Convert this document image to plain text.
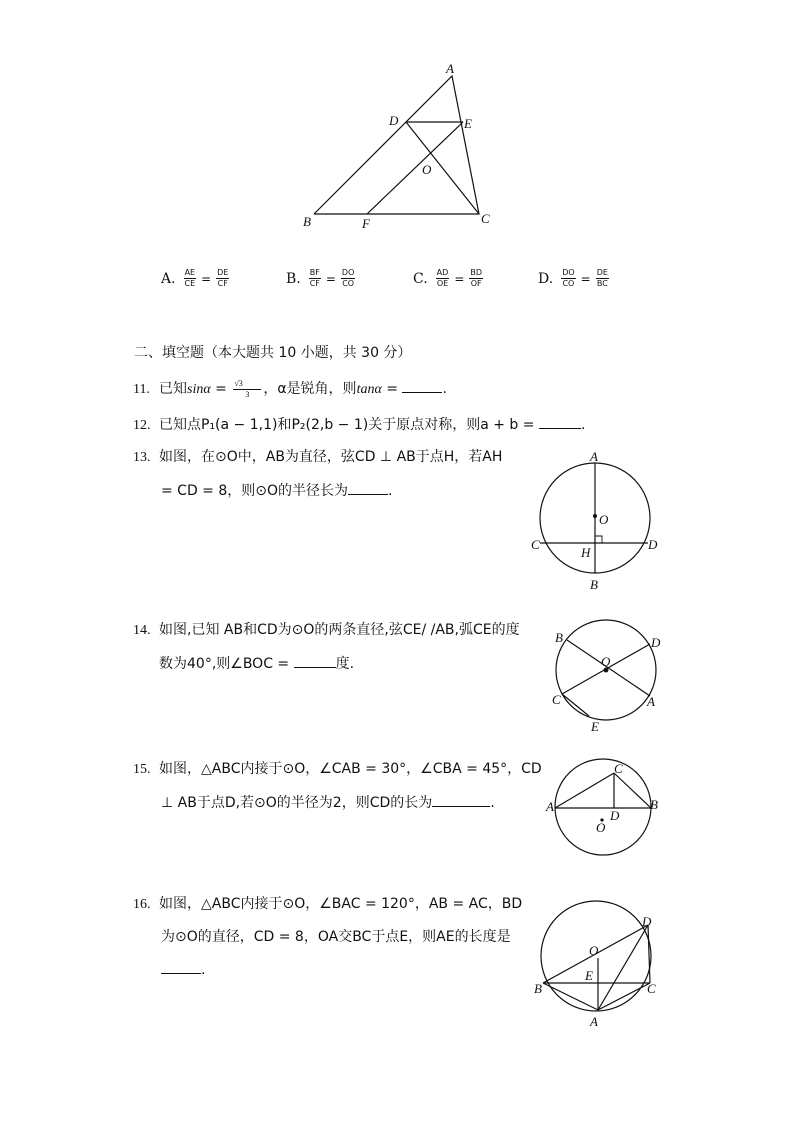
A
D	E
O
B	F	C
A. $\frac{AE}{CE} = \frac{DE}{CF}$	B. $\frac{BF}{CF} = \frac{DO}{CO}$	C. $\frac{AD}{OE} = \frac{BD}{OF}$	D. $\frac{DO}{CO} = \frac{DE}{BC}$
二、填空题（本大题共 10 小题，共 30 分）
11. 已知$\sin\alpha = \frac{√3}{3}$ ，α是锐角，则tanα =	.
12. 已知点P₁(a − 1,1)和P₂(2,b − 1)关于原点对称，则a + b =	.
13. 如图，在⊙O中，AB为直径，弦CD ⊥ AB于点H，若AH
= CD = 8，则⊙O的半径长为	.
A
O
C
H
D
B
14. 如图,已知 AB和CD为⊙O的两条直径,弦CE/ /AB,弧CE的度
数为40°,则∠BOC =	度.
B	D
O
C	A
E
15. 如图，△ABC内接于⊙O，∠CAB = 30°，∠CBA = 45°，CD
⊥ AB于点D,若⊙O的半径为2，则CD的长为	.
C
A
D
B
O
16. 如图，△ABC内接于⊙O，∠BAC = 120°，AB = AC，BD
为⊙O的直径，CD = 8，OA交BC于点E，则AE的长度是
.
D
O
E
B	C
A
